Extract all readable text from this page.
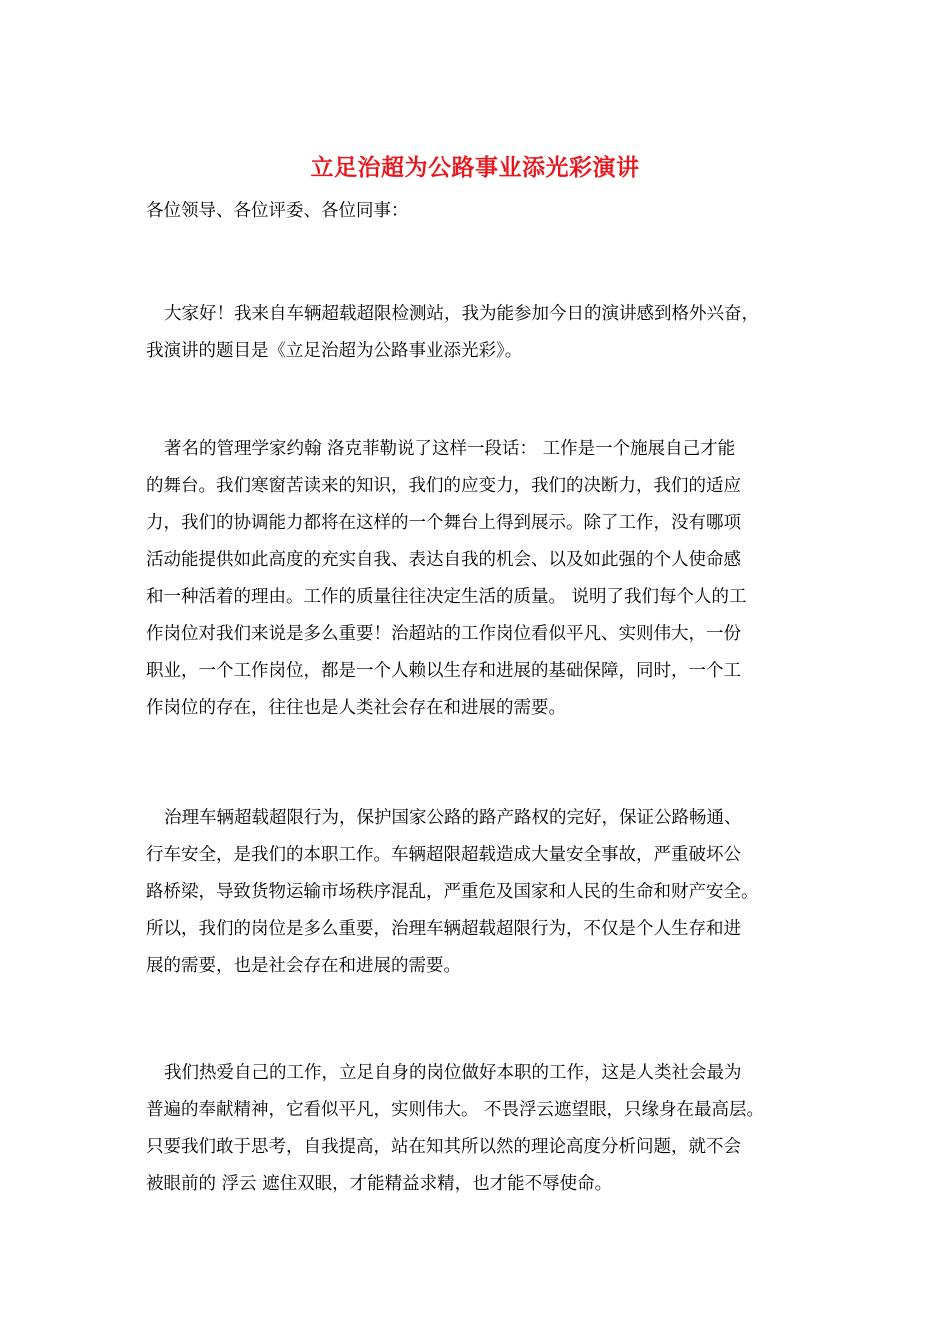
立足治超为公路事业添光彩演讲
各位领导、各位评委、各位同事：
大家好！我来自车辆超载超限检测站，我为能参加今日的演讲感到格外兴奋，
我演讲的题目是《立足治超为公路事业添光彩》。
著名的管理学家约翰 洛克菲勒说了这样一段话： 工作是一个施展自己才能
的舞台。我们寒窗苦读来的知识，我们的应变力，我们的决断力，我们的适应
力，我们的协调能力都将在这样的一个舞台上得到展示。除了工作，没有哪项
活动能提供如此高度的充实自我、表达自我的机会、以及如此强的个人使命感
和一种活着的理由。工作的质量往往决定生活的质量。 说明了我们每个人的工
作岗位对我们来说是多么重要！治超站的工作岗位看似平凡、实则伟大，一份
职业，一个工作岗位，都是一个人赖以生存和进展的基础保障，同时，一个工
作岗位的存在，往往也是人类社会存在和进展的需要。
治理车辆超载超限行为，保护国家公路的路产路权的完好，保证公路畅通、
行车安全，是我们的本职工作。车辆超限超载造成大量安全事故，严重破坏公
路桥梁，导致货物运输市场秩序混乱，严重危及国家和人民的生命和财产安全。
所以，我们的岗位是多么重要，治理车辆超载超限行为，不仅是个人生存和进
展的需要，也是社会存在和进展的需要。
我们热爱自己的工作，立足自身的岗位做好本职的工作，这是人类社会最为
普遍的奉献精神，它看似平凡，实则伟大。 不畏浮云遮望眼，只缘身在最高层。
只要我们敢于思考，自我提高，站在知其所以然的理论高度分析问题，就不会
被眼前的 浮云 遮住双眼，才能精益求精，也才能不辱使命。
